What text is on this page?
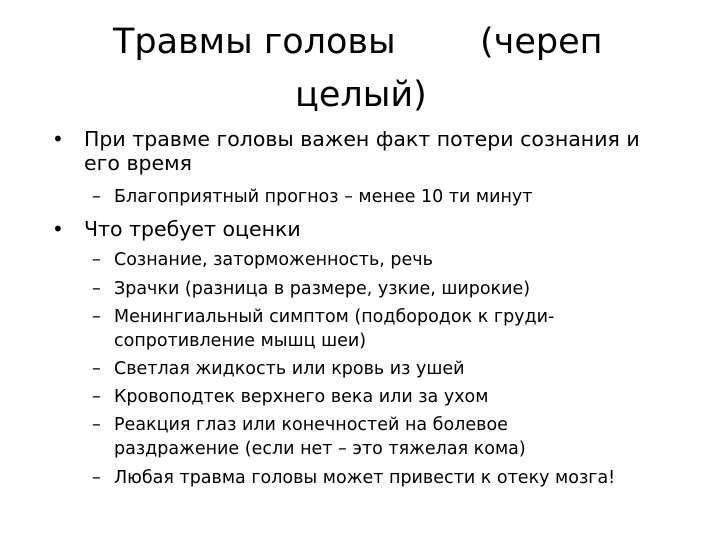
Травмы головы (череп
целый)
• При травме головы важен факт потери сознания и
его время
– Благоприятный прогноз – менее 10 ти минут
• Что требует оценки
– Сознание, заторможенность, речь
– Зрачки (разница в размере, узкие, широкие)
– Менингиальный симптом (подбородок к груди-
сопротивление мышц шеи)
– Светлая жидкость или кровь из ушей
– Кровоподтек верхнего века или за ухом
– Реакция глаз или конечностей на болевое
раздражение (если нет – это тяжелая кома)
– Любая травма головы может привести к отеку мозга!
